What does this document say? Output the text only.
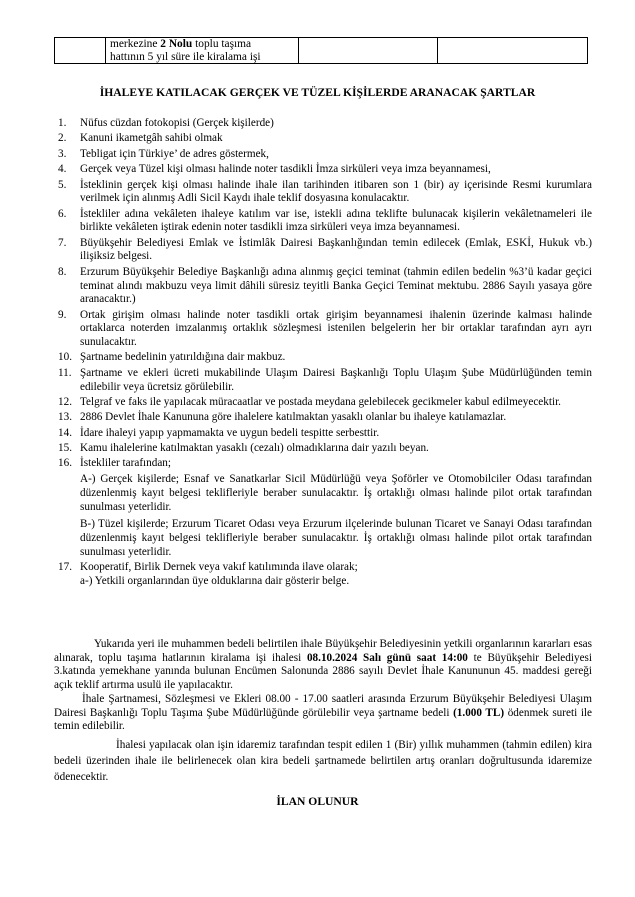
	merkezine 2 Nolu toplu taşıma
hattının 5 yıl süre ile kiralama işi		
İHALEYE KATILACAK GERÇEK VE TÜZEL KİŞİLERDE ARANACAK ŞARTLAR
1. Nüfus cüzdan fotokopisi (Gerçek kişilerde)
2. Kanuni ikametgâh sahibi olmak
3. Tebligat için Türkiye’ de adres göstermek,
4. Gerçek veya Tüzel kişi olması halinde noter tasdikli İmza sirküleri veya imza beyannamesi,
5. İsteklinin gerçek kişi olması halinde ihale ilan tarihinden itibaren son 1 (bir) ay içerisinde Resmi kurumlara verilmek için alınmış Adli Sicil Kaydı ihale teklif dosyasına konulacaktır.
6. İstekliler adına vekâleten ihaleye katılım var ise, istekli adına teklifte bulunacak kişilerin vekâletnameleri ile birlikte vekâleten iştirak edenin noter tasdikli imza sirküleri veya imza beyannamesi.
7. Büyükşehir Belediyesi Emlak ve İstimlâk Dairesi Başkanlığından temin edilecek (Emlak, ESKİ, Hukuk vb.) ilişiksiz belgesi.
8. Erzurum Büyükşehir Belediye Başkanlığı adına alınmış geçici teminat (tahmin edilen bedelin %3’ü kadar geçici teminat alındı makbuzu veya limit dâhili süresiz teyitli Banka Geçici Teminat mektubu. 2886 Sayılı yasaya göre aranacaktır.)
9. Ortak girişim olması halinde noter tasdikli ortak girişim beyannamesi ihalenin üzerinde kalması halinde ortaklarca noterden imzalanmış ortaklık sözleşmesi istenilen belgelerin her bir ortaklar tarafından ayrı ayrı sunulacaktır.
10. Şartname bedelinin yatırıldığına dair makbuz.
11. Şartname ve ekleri ücreti mukabilinde Ulaşım Dairesi Başkanlığı Toplu Ulaşım Şube Müdürlüğünden temin edilebilir veya ücretsiz görülebilir.
12. Telgraf ve faks ile yapılacak müracaatlar ve postada meydana gelebilecek gecikmeler kabul edilmeyecektir.
13. 2886 Devlet İhale Kanununa göre ihalelere katılmaktan yasaklı olanlar bu ihaleye katılamazlar.
14. İdare ihaleyi yapıp yapmamakta ve uygun bedeli tespitte serbesttir.
15. Kamu ihalelerine katılmaktan yasaklı (cezalı) olmadıklarına dair yazılı beyan.
16. İstekliler tarafından;
A-) Gerçek kişilerde; Esnaf ve Sanatkarlar Sicil Müdürlüğü veya Şoförler ve Otomobilciler Odası tarafından düzenlenmiş kayıt belgesi teklifleriyle beraber sunulacaktır. İş ortaklığı olması halinde pilot ortak tarafından sunulması yeterlidir.
B-) Tüzel kişilerde; Erzurum Ticaret Odası veya Erzurum ilçelerinde bulunan Ticaret ve Sanayi Odası tarafından düzenlenmiş kayıt belgesi teklifleriyle beraber sunulacaktır. İş ortaklığı olması halinde pilot ortak tarafından sunulması yeterlidir.
17. Kooperatif, Birlik Dernek veya vakıf katılımında ilave olarak;
a-) Yetkili organlarından üye olduklarına dair gösterir belge.

Yukarıda yeri ile muhammen bedeli belirtilen ihale Büyükşehir Belediyesinin yetkili organlarının kararları esas alınarak, toplu taşıma hatlarının kiralama işi ihalesi 08.10.2024 Salı günü saat 14:00 te Büyükşehir Belediyesi 3.katında yemekhane yanında bulunan Encümen Salonunda 2886 sayılı Devlet İhale Kanununun 45. maddesi gereği açık teklif artırma usulü ile yapılacaktır.

İhale Şartnamesi, Sözleşmesi ve Ekleri 08.00 - 17.00 saatleri arasında Erzurum Büyükşehir Belediyesi Ulaşım Dairesi Başkanlığı Toplu Taşıma Şube Müdürlüğünde görülebilir veya şartname bedeli (1.000 TL) ödenmek sureti ile temin edilebilir.

İhalesi yapılacak olan işin idaremiz tarafından tespit edilen 1 (Bir) yıllık muhammen (tahmin edilen) kira bedeli üzerinden ihale ile belirlenecek olan kira bedeli şartnamede belirtilen artış oranları doğrultusunda idaremize ödenecektir.

İLAN OLUNUR
